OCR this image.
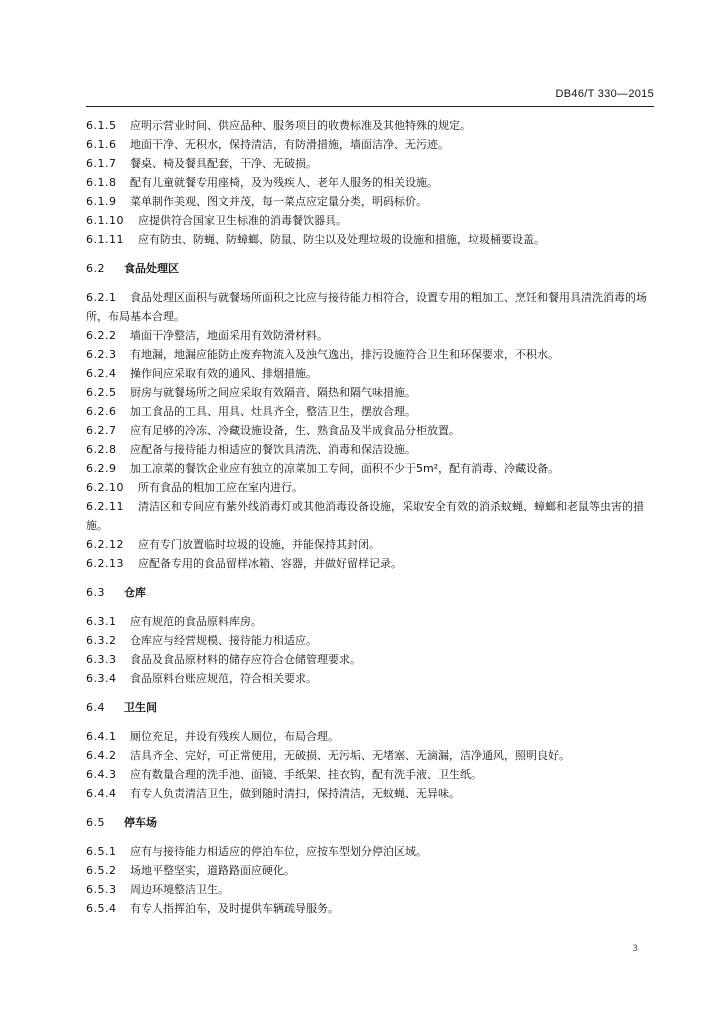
DB46/T 330—2015
6.1.5 应明示营业时间、供应品种、服务项目的收费标准及其他特殊的规定。
6.1.6 地面干净、无积水，保持清洁，有防滑措施，墙面洁净、无污迹。
6.1.7 餐桌、椅及餐具配套，干净、无破损。
6.1.8 配有儿童就餐专用座椅，及为残疾人、老年人服务的相关设施。
6.1.9 菜单制作美观、图文并茂，每一菜点应定量分类，明码标价。
6.1.10 应提供符合国家卫生标准的消毒餐饮器具。
6.1.11 应有防虫、防蝇、防蟑螂、防鼠、防尘以及处理垃圾的设施和措施，垃圾桶要设盖。
6.2 食品处理区
6.2.1 食品处理区面积与就餐场所面积之比应与接待能力相符合，设置专用的粗加工、烹饪和餐用具清洗消毒的场所，布局基本合理。
6.2.2 墙面干净整洁，地面采用有效防滑材料。
6.2.3 有地漏，地漏应能防止废弃物流入及浊气逸出，排污设施符合卫生和环保要求，不积水。
6.2.4 操作间应采取有效的通风、排烟措施。
6.2.5 厨房与就餐场所之间应采取有效隔音、隔热和隔气味措施。
6.2.6 加工食品的工具、用具、灶具齐全，整洁卫生，摆放合理。
6.2.7 应有足够的冷冻、冷藏设施设备，生、熟食品及半成食品分柜放置。
6.2.8 应配备与接待能力相适应的餐饮具清洗、消毒和保洁设施。
6.2.9 加工凉菜的餐饮企业应有独立的凉菜加工专间，面积不少于5m²，配有消毒、冷藏设备。
6.2.10 所有食品的粗加工应在室内进行。
6.2.11 清洁区和专间应有紫外线消毒灯或其他消毒设备设施，采取安全有效的消杀蚊蝇、蟑螂和老鼠等虫害的措施。
6.2.12 应有专门放置临时垃圾的设施，并能保持其封闭。
6.2.13 应配备专用的食品留样冰箱、容器，并做好留样记录。
6.3 仓库
6.3.1 应有规范的食品原料库房。
6.3.2 仓库应与经营规模、接待能力相适应。
6.3.3 食品及食品原材料的储存应符合仓储管理要求。
6.3.4 食品原料台账应规范，符合相关要求。
6.4 卫生间
6.4.1 厕位充足，并设有残疾人厕位，布局合理。
6.4.2 洁具齐全、完好，可正常使用，无破损、无污垢、无堵塞、无滴漏，洁净通风，照明良好。
6.4.3 应有数量合理的洗手池、面镜、手纸架、挂衣钩，配有洗手液、卫生纸。
6.4.4 有专人负责清洁卫生，做到随时清扫，保持清洁，无蚊蝇、无异味。
6.5 停车场
6.5.1 应有与接待能力相适应的停泊车位，应按车型划分停泊区域。
6.5.2 场地平整坚实，道路路面应硬化。
6.5.3 周边环境整洁卫生。
6.5.4 有专人指挥泊车，及时提供车辆疏导服务。
3
